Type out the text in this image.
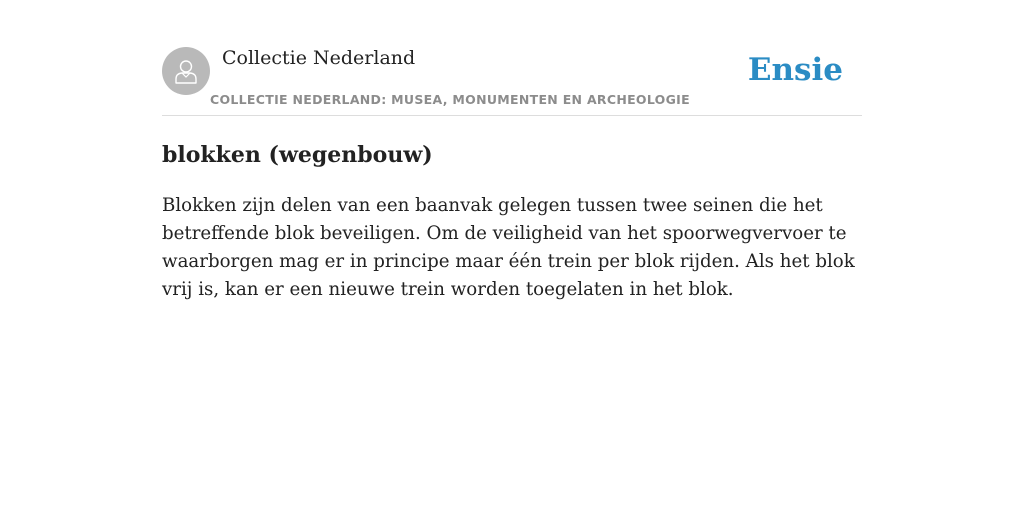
Collectie Nederland
COLLECTIE NEDERLAND: MUSEA, MONUMENTEN EN ARCHEOLOGIE
Ensie
blokken (wegenbouw)

Blokken zijn delen van een baanvak gelegen tussen twee seinen die het betreffende blok beveiligen. Om de veiligheid van het spoorwegvervoer te waarborgen mag er in principe maar één trein per blok rijden. Als het blok vrij is, kan er een nieuwe trein worden toegelaten in het blok.
